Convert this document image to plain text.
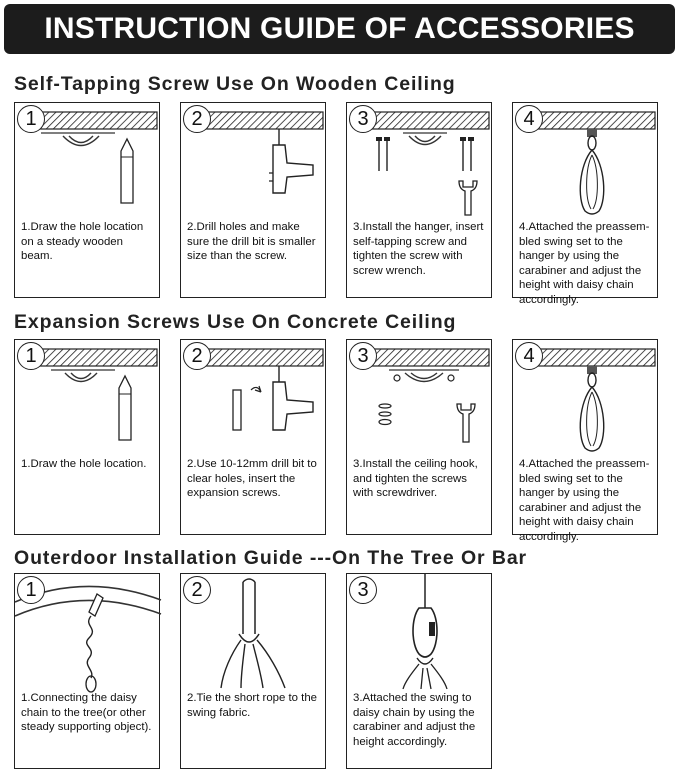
INSTRUCTION GUIDE OF ACCESSORIES
Self-Tapping Screw Use On Wooden Ceiling
1.Draw the hole location on a steady wooden beam.
1
2.Drill holes and make sure the drill bit is smaller size than the screw.
2
3.Install the hanger, insert self-tapping screw and tighten the screw with screw wrench.
3
4.Attached the preassem-bled swing set to the hanger by using the carabiner and adjust the height with daisy chain accordingly.
4
Expansion Screws Use On Concrete Ceiling
1.Draw the hole location.
1
2.Use 10-12mm drill bit to clear holes, insert the expansion screws.
2
3.Install the ceiling hook, and tighten the screws with screwdriver.
3
4.Attached the preassem-bled swing set to the hanger by using the carabiner and adjust the height with daisy chain accordingly.
4
Outerdoor Installation Guide ---On The Tree Or Bar
1.Connecting the daisy chain to the tree(or other steady supporting object).
1
2.Tie the short rope to the swing fabric.
2
3.Attached the swing to daisy chain by using the carabiner and adjust the height accordingly.
3
